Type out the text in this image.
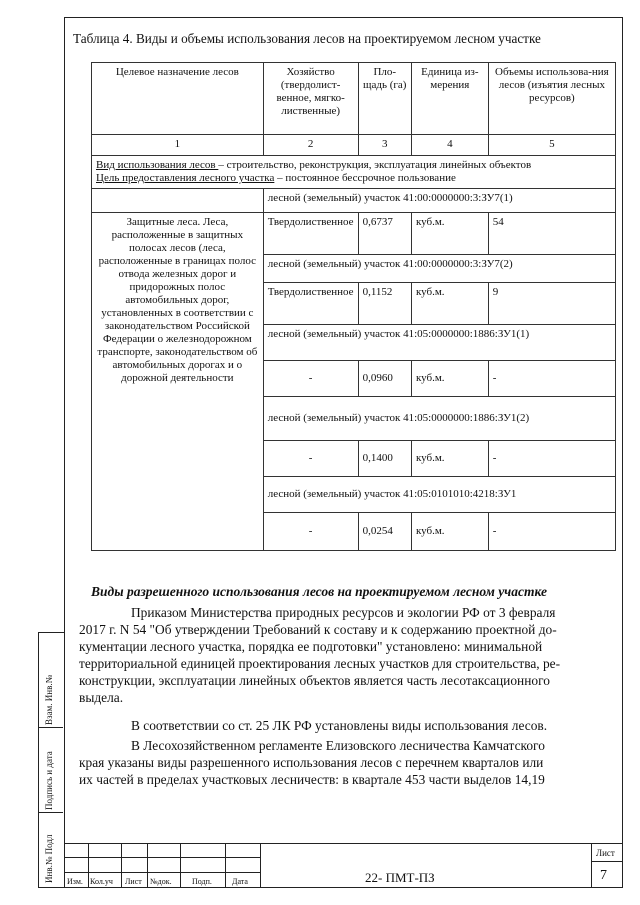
Взам. Инв.№
Подпись и дата
Инв.№ Подл
Таблица 4. Виды и объемы использования лесов на проектируемом лесном участке
Целевое назначение лесов	Хозяйство (твердолист-венное, мягко-лиственные)	Пло-щадь (га)	Единица из-мерения	Объемы использова-ния лесов (изъятия лесных ресурсов)
1	2	3	4	5
Вид использования лесов – строительство, реконструкция, эксплуатация линейных объектов
Цель предоставления лесного участка – постоянное бессрочное пользование				
	лесной (земельный) участок 41:00:0000000:3:ЗУ7(1)			
Защитные леса. Леса, расположенные в защитных полосах лесов (леса, расположенные в границах полос отвода железных дорог и придорожных полос автомобильных дорог, установленных в соответствии с законодательством Российской Федерации о железнодорожном транспорте, законодательством об автомобильных дорогах и о дорожной деятельности	Твердолиственное	0,6737	куб.м.	54
	лесной (земельный) участок 41:00:0000000:3:ЗУ7(2)			
	Твердолиственное	0,1152	куб.м.	9
	лесной (земельный) участок 41:05:0000000:1886:ЗУ1(1)			
	-	0,0960	куб.м.	-
	лесной (земельный) участок 41:05:0000000:1886:ЗУ1(2)			
	-	0,1400	куб.м.	-
	лесной (земельный) участок 41:05:0101010:4218:ЗУ1			
	-	0,0254	куб.м.	-
Виды разрешенного использования лесов на проектируемом лесном участке
Приказом Министерства природных ресурсов и экологии РФ от 3 февраля
2017 г. N 54 "Об утверждении Требований к составу и к содержанию проектной до-
кументации лесного участка, порядка ее подготовки" установлено: минимальной
территориальной единицей проектирования лесных участков для строительства, ре-
конструкции, эксплуатации линейных объектов является часть лесотаксационного
выдела.
В соответствии со ст. 25 ЛК РФ установлены виды использования лесов.
В Лесохозяйственном регламенте Елизовского лесничества Камчатского
края указаны виды разрешенного использования лесов с перечнем кварталов или
их частей в пределах участковых лесничеств: в квартале 453 части выделов 14,19
Изм. Кол.уч Лист №док.	Подп.	Дата	22- ПМТ-ПЗ
Лист
7
